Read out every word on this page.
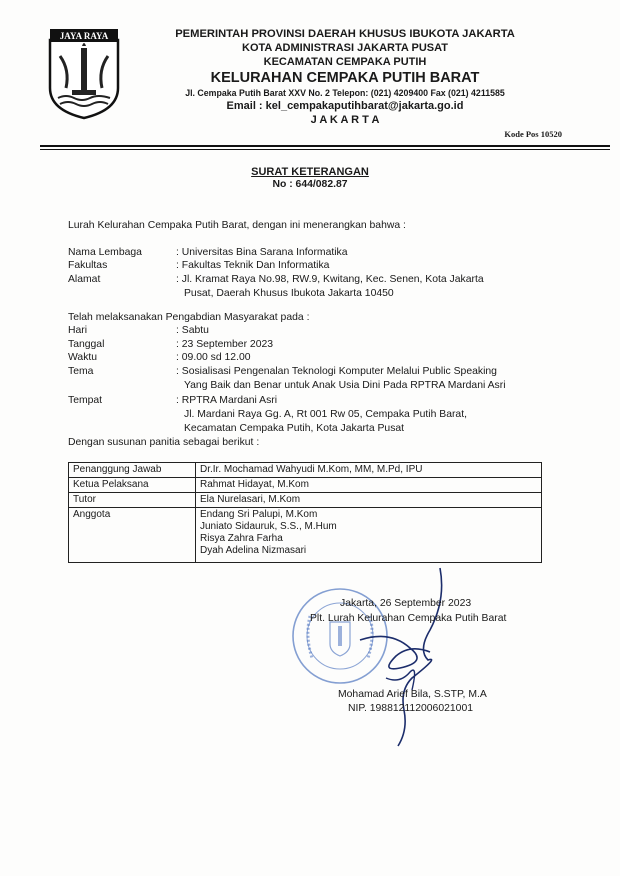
JAYA RAYA	PEMERINTAH PROVINSI DAERAH KHUSUS IBUKOTA JAKARTA
KOTA ADMINISTRASI JAKARTA PUSAT
KECAMATAN CEMPAKA PUTIH
KELURAHAN CEMPAKA PUTIH BARAT
Jl. Cempaka Putih Barat XXV No. 2 Telepon: (021) 4209400 Fax (021) 4211585
Email : kel_cempakaputihbarat@jakarta.go.id
J A K A R T A
Kode Pos 10520
SURAT KETERANGAN
No : 644/082.87
Lurah Kelurahan Cempaka Putih Barat, dengan ini menerangkan bahwa :
Nama Lembaga	: Universitas Bina Sarana Informatika
Fakultas	: Fakultas Teknik Dan Informatika
Alamat	: Jl. Kramat Raya No.98, RW.9, Kwitang, Kec. Senen, Kota Jakarta
Pusat, Daerah Khusus Ibukota Jakarta 10450
Telah melaksanakan Pengabdian Masyarakat pada :
Hari	: Sabtu
Tanggal	: 23 September 2023
Waktu	: 09.00 sd 12.00
Tema	: Sosialisasi Pengenalan Teknologi Komputer Melalui Public Speaking
Yang Baik dan Benar untuk Anak Usia Dini Pada RPTRA Mardani Asri
Tempat	: RPTRA Mardani Asri
Jl. Mardani Raya Gg. A, Rt 001 Rw 05, Cempaka Putih Barat,
Kecamatan Cempaka Putih, Kota Jakarta Pusat
Dengan susunan panitia sebagai berikut :
Penanggung Jawab	Dr.Ir. Mochamad Wahyudi M.Kom, MM, M.Pd, IPU
Ketua Pelaksana	Rahmat Hidayat, M.Kom
Tutor	Ela Nurelasari, M.Kom
Anggota	Endang Sri Palupi, M.Kom
Juniato Sidauruk, S.S., M.Hum
Risya Zahra Farha
Dyah Adelina Nizmasari
Jakarta, 26 September 2023
Plt. Lurah Kelurahan Cempaka Putih Barat
Mohamad Arief Bila, S.STP, M.A
NIP. 198812112006021001
